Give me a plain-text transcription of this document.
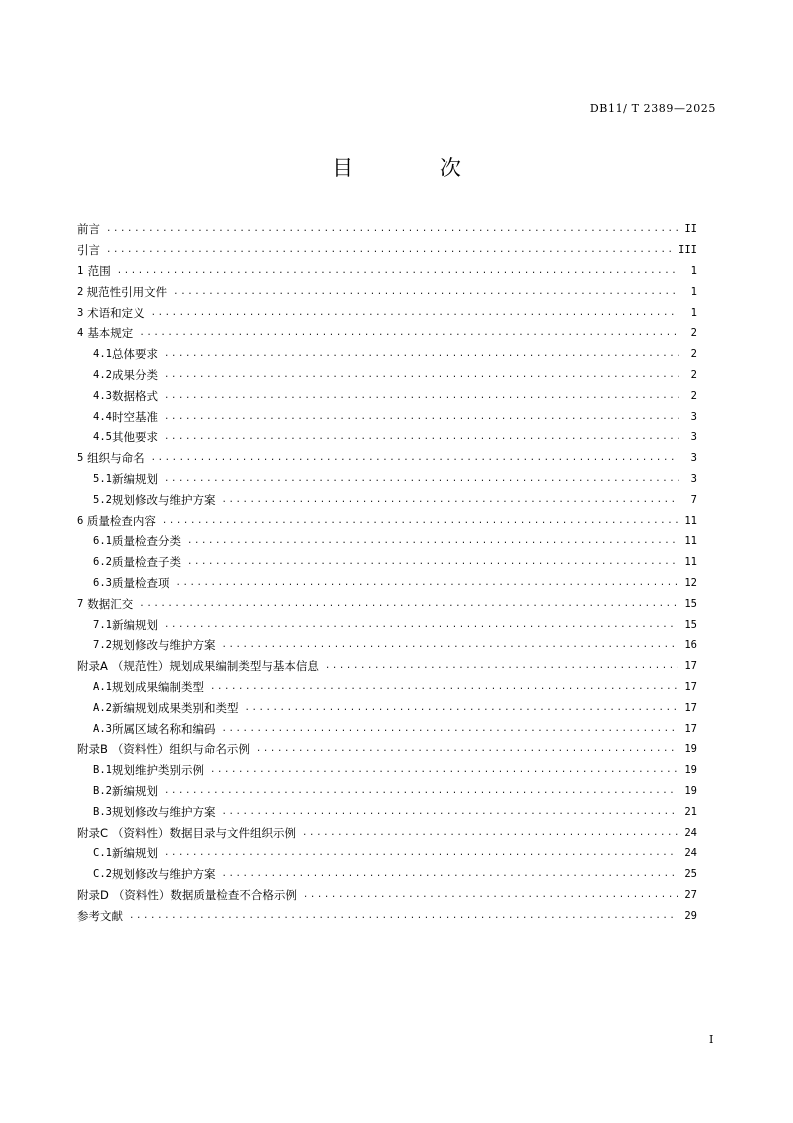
DB11/ T 2389—2025
目 次
前言 .....	II
引言 .....	III
1 范围 .....	1
2 规范性引用文件 .....	1
3 术语和定义 .....	1
4 基本规定 .....	2
4.1 总体要求 .....	2
4.2 成果分类 .....	2
4.3 数据格式 .....	2
4.4 时空基准 .....	3
4.5 其他要求 .....	3
5 组织与命名 .....	3
5.1 新编规划 .....	3
5.2 规划修改与维护方案 .....	7
6 质量检查内容 .....	11
6.1 质量检查分类 .....	11
6.2 质量检查子类 .....	11
6.3 质量检查项 .....	12
7 数据汇交 .....	15
7.1 新编规划 .....	15
7.2 规划修改与维护方案 .....	16
附录A （规范性）规划成果编制类型与基本信息 .....	17
A.1 规划成果编制类型 .....	17
A.2 新编规划成果类别和类型 .....	17
A.3 所属区域名称和编码 .....	17
附录B （资料性）组织与命名示例 .....	19
B.1 规划维护类别示例 .....	19
B.2 新编规划 .....	19
B.3 规划修改与维护方案 .....	21
附录C （资料性）数据目录与文件组织示例 .....	24
C.1 新编规划 .....	24
C.2 规划修改与维护方案 .....	25
附录D （资料性）数据质量检查不合格示例 .....	27
参考文献 .....	29
I
